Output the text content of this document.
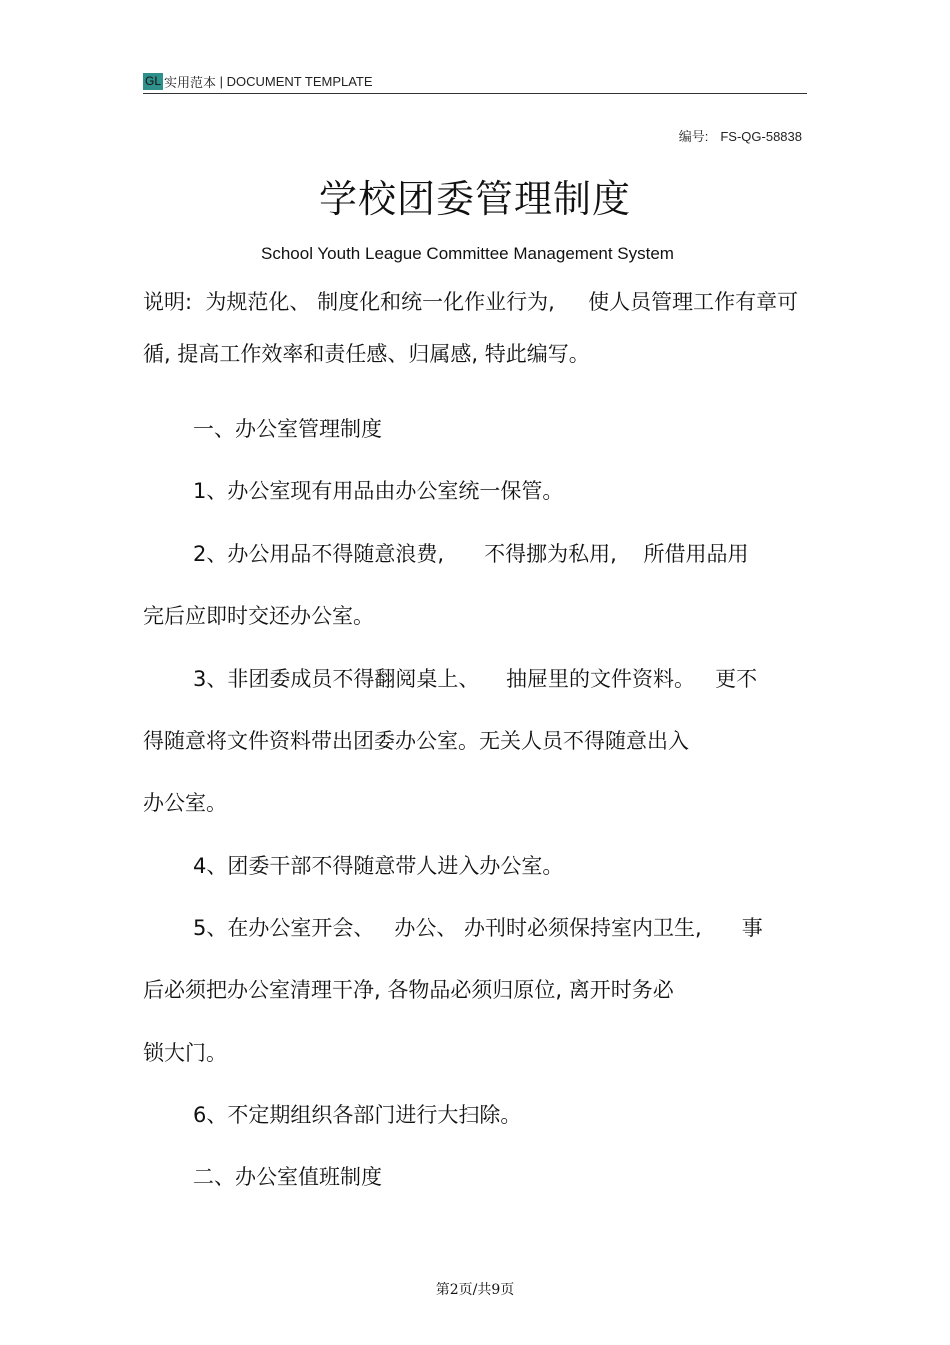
GL 实用范本 | DOCUMENT TEMPLATE
编号: FS-QG-58838
学校团委管理制度
School Youth League Committee Management System
说明:  为规范化、 制度化和统一化作业行为,     使人员管理工作有章可
循, 提高工作效率和责任感、归属感, 特此编写。
一、办公室管理制度
1、办公室现有用品由办公室统一保管。
2、办公用品不得随意浪费,      不得挪为私用,    所借用品用
完后应即时交还办公室。
3、非团委成员不得翻阅桌上、    抽屉里的文件资料。   更不
得随意将文件资料带出团委办公室。无关人员不得随意出入
办公室。
4、团委干部不得随意带人进入办公室。
5、在办公室开会、   办公、 办刊时必须保持室内卫生,      事
后必须把办公室清理干净, 各物品必须归原位, 离开时务必
锁大门。
6、不定期组织各部门进行大扫除。
二、办公室值班制度
第2页/共9页
